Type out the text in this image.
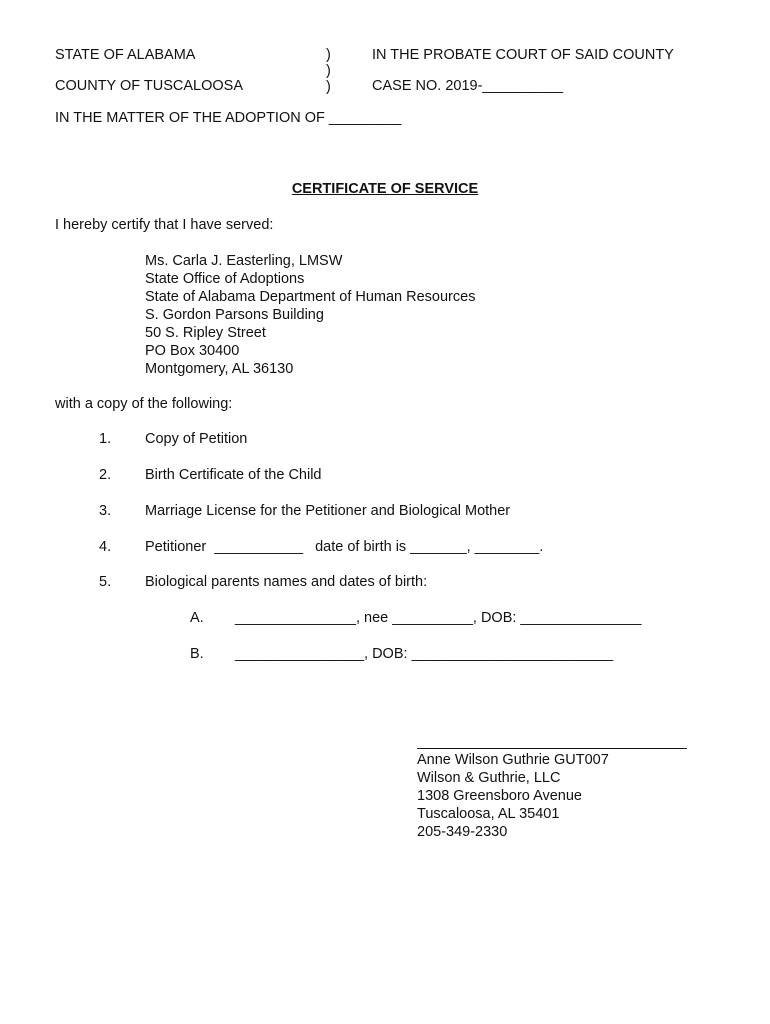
STATE OF ALABAMA
COUNTY OF TUSCALOOSA
)
)
)
IN THE PROBATE COURT OF SAID COUNTY
CASE NO. 2019-__________
IN THE MATTER OF THE ADOPTION OF _________
CERTIFICATE OF SERVICE
I hereby certify that I have served:
Ms. Carla J. Easterling, LMSW
State Office of Adoptions
State of Alabama Department of Human Resources
S. Gordon Parsons Building
50 S. Ripley Street
PO Box 30400
Montgomery, AL 36130
with a copy of the following:
1. Copy of Petition
2. Birth Certificate of the Child
3. Marriage License for the Petitioner and Biological Mother
4. Petitioner  ___________   date of birth is _______, ________.
5. Biological parents names and dates of birth:
A. _______________, nee __________, DOB: _______________
B. ________________, DOB: _________________________
Anne Wilson Guthrie GUT007
Wilson & Guthrie, LLC
1308 Greensboro Avenue
Tuscaloosa, AL 35401
205-349-2330
